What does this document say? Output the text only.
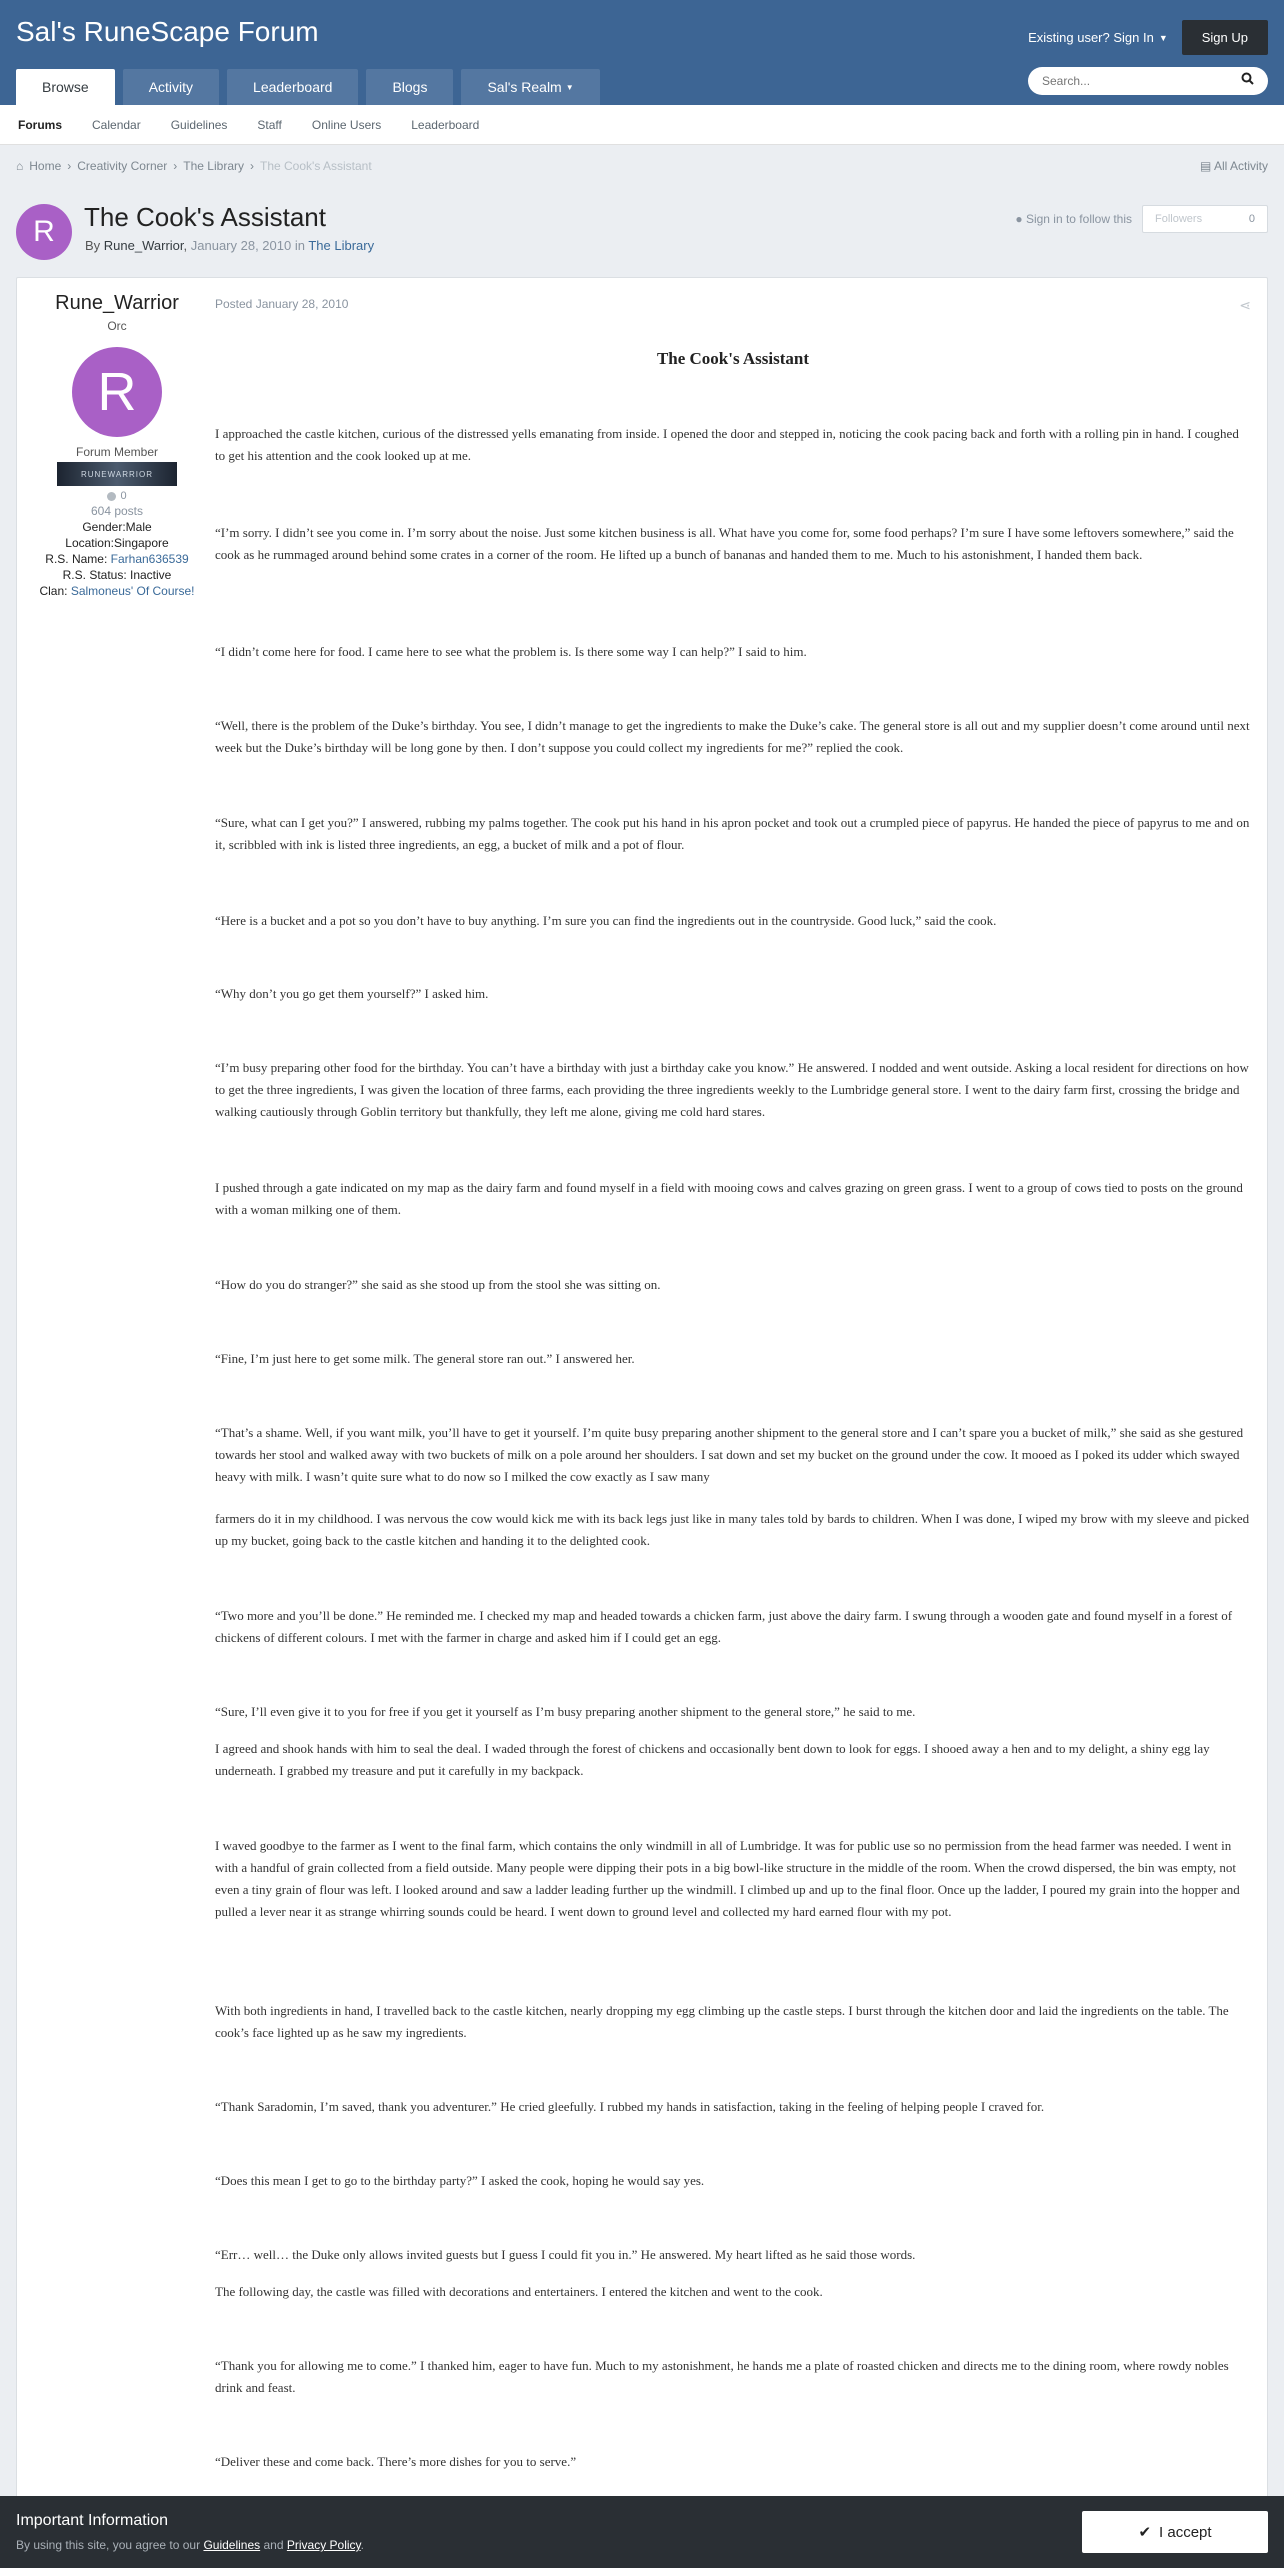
Sal's RuneScape Forum	Existing user? Sign In ▼	Sign Up
Browse	Activity	Leaderboard	Blogs	Sal's Realm ▼
Search...
Forums	Calendar	Guidelines	Staff	Online Users	Leaderboard
⌂ Home › Creativity Corner › The Library › The Cook's Assistant	▤ All Activity
R	The Cook's Assistant
By Rune_Warrior, January 28, 2010 in The Library
● Sign in to follow this Followers	0
Rune_Warrior
Orc
R
Forum Member
RUNEWARRIOR
0
604 posts
Gender:Male
Location:Singapore
R.S. Name: Farhan636539
R.S. Status: Inactive
Clan: Salmoneus' Of Course!
Posted January 28, 2010	⋖
The Cook's Assistant

I approached the castle kitchen, curious of the distressed yells emanating from inside. I opened the door and stepped in, noticing the cook pacing back and forth with a rolling pin in hand. I coughed to get his attention and the cook looked up at me.

“I’m sorry. I didn’t see you come in. I’m sorry about the noise. Just some kitchen business is all. What have you come for, some food perhaps? I’m sure I have some leftovers somewhere,” said the cook as he rummaged around behind some crates in a corner of the room. He lifted up a bunch of bananas and handed them to me. Much to his astonishment, I handed them back.

“I didn’t come here for food. I came here to see what the problem is. Is there some way I can help?” I said to him.

“Well, there is the problem of the Duke’s birthday. You see, I didn’t manage to get the ingredients to make the Duke’s cake. The general store is all out and my supplier doesn’t come around until next week but the Duke’s birthday will be long gone by then. I don’t suppose you could collect my ingredients for me?” replied the cook.

“Sure, what can I get you?” I answered, rubbing my palms together. The cook put his hand in his apron pocket and took out a crumpled piece of papyrus. He handed the piece of papyrus to me and on it, scribbled with ink is listed three ingredients, an egg, a bucket of milk and a pot of flour.

“Here is a bucket and a pot so you don’t have to buy anything. I’m sure you can find the ingredients out in the countryside. Good luck,” said the cook.

“Why don’t you go get them yourself?” I asked him.

“I’m busy preparing other food for the birthday. You can’t have a birthday with just a birthday cake you know.” He answered. I nodded and went outside. Asking a local resident for directions on how to get the three ingredients, I was given the location of three farms, each providing the three ingredients weekly to the Lumbridge general store. I went to the dairy farm first, crossing the bridge and walking cautiously through Goblin territory but thankfully, they left me alone, giving me cold hard stares.

I pushed through a gate indicated on my map as the dairy farm and found myself in a field with mooing cows and calves grazing on green grass. I went to a group of cows tied to posts on the ground with a woman milking one of them.

“How do you do stranger?” she said as she stood up from the stool she was sitting on.

“Fine, I’m just here to get some milk. The general store ran out.” I answered her.

“That’s a shame. Well, if you want milk, you’ll have to get it yourself. I’m quite busy preparing another shipment to the general store and I can’t spare you a bucket of milk,” she said as she gestured towards her stool and walked away with two buckets of milk on a pole around her shoulders. I sat down and set my bucket on the ground under the cow. It mooed as I poked its udder which swayed heavy with milk. I wasn’t quite sure what to do now so I milked the cow exactly as I saw many

farmers do it in my childhood. I was nervous the cow would kick me with its back legs just like in many tales told by bards to children. When I was done, I wiped my brow with my sleeve and picked up my bucket, going back to the castle kitchen and handing it to the delighted cook.

“Two more and you’ll be done.” He reminded me. I checked my map and headed towards a chicken farm, just above the dairy farm. I swung through a wooden gate and found myself in a forest of chickens of different colours. I met with the farmer in charge and asked him if I could get an egg.

“Sure, I’ll even give it to you for free if you get it yourself as I’m busy preparing another shipment to the general store,” he said to me.

I agreed and shook hands with him to seal the deal. I waded through the forest of chickens and occasionally bent down to look for eggs. I shooed away a hen and to my delight, a shiny egg lay underneath. I grabbed my treasure and put it carefully in my backpack.

I waved goodbye to the farmer as I went to the final farm, which contains the only windmill in all of Lumbridge. It was for public use so no permission from the head farmer was needed. I went in with a handful of grain collected from a field outside. Many people were dipping their pots in a big bowl-like structure in the middle of the room. When the crowd dispersed, the bin was empty, not even a tiny grain of flour was left. I looked around and saw a ladder leading further up the windmill. I climbed up and up to the final floor. Once up the ladder, I poured my grain into the hopper and pulled a lever near it as strange whirring sounds could be heard. I went down to ground level and collected my hard earned flour with my pot.

With both ingredients in hand, I travelled back to the castle kitchen, nearly dropping my egg climbing up the castle steps. I burst through the kitchen door and laid the ingredients on the table. The cook’s face lighted up as he saw my ingredients.

“Thank Saradomin, I’m saved, thank you adventurer.” He cried gleefully. I rubbed my hands in satisfaction, taking in the feeling of helping people I craved for.

“Does this mean I get to go to the birthday party?” I asked the cook, hoping he would say yes.

“Err… well… the Duke only allows invited guests but I guess I could fit you in.” He answered. My heart lifted as he said those words.

The following day, the castle was filled with decorations and entertainers. I entered the kitchen and went to the cook.

“Thank you for allowing me to come.” I thanked him, eager to have fun. Much to my astonishment, he hands me a plate of roasted chicken and directs me to the dining room, where rowdy nobles drink and feast.

“Deliver these and come back. There’s more dishes for you to serve.”

Important Information
By using this site, you agree to our Guidelines and Privacy Policy.
✔ I accept
